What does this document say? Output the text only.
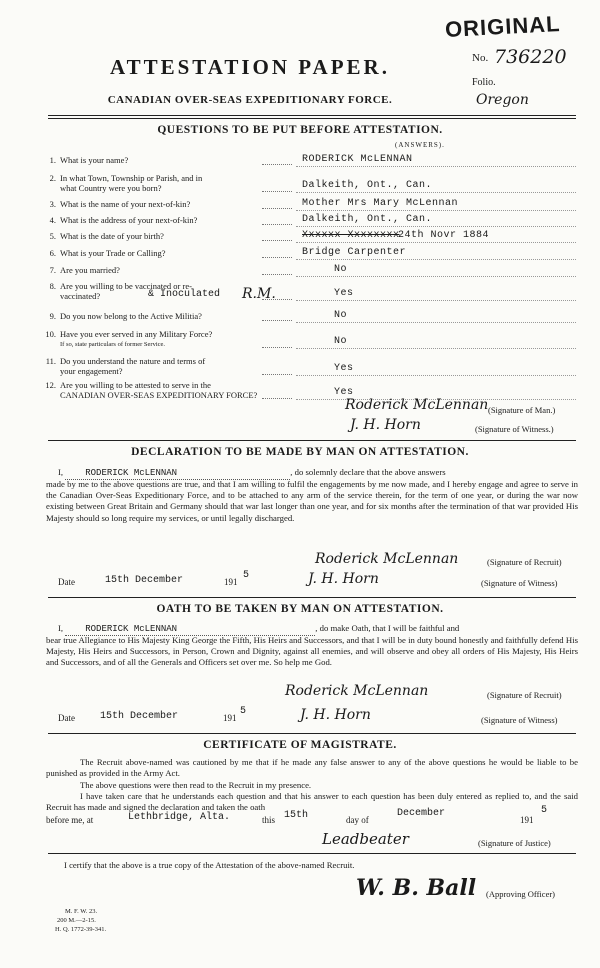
ORIGINAL
No. 736220
Folio.
Oregon
ATTESTATION PAPER.
CANADIAN OVER-SEAS EXPEDITIONARY FORCE.
QUESTIONS TO BE PUT BEFORE ATTESTATION.
(ANSWERS).
1. What is your name?	RODERICK McLENNAN
2. In what Town, Township or Parish, and in
what Country were you born?	Dalkeith, Ont., Can.
3. What is the name of your next-of-kin?	Mother Mrs Mary McLennan
4. What is the address of your next-of-kin?	Dalkeith, Ont., Can.
5. What is the date of your birth?	Xxxxxx Xxxxxxxx
24th Novr 1884
6. What is your Trade or Calling?	Bridge Carpenter
7. Are you married?	No
8. Are you willing to be vaccinated or re-
vaccinated?	& Inoculated R.M.	Yes
9. Do you now belong to the Active Militia?	No
10. Have you ever served in any Military Force?
If so, state particulars of former Service.	No
11. Do you understand the nature and terms of
your engagement?	Yes
12. Are you willing to be attested to serve in the
CANADIAN OVER-SEAS EXPEDITIONARY FORCE?	Yes
Roderick McLennan (Signature of Man.)
J. H. Horn	(Signature of Witness.)
DECLARATION TO BE MADE BY MAN ON ATTESTATION.
I, RODERICK McLENNAN	, do solemnly declare that the above answers
made by me to the above questions are true, and that I am willing to fulfil the engagements by me now made, and I hereby engage and agree to serve in the Canadian Over-Seas Expeditionary Force, and to be attached to any arm of the service therein, for the term of one year, or during the war now existing between Great Britain and Germany should that war last longer than one year, and for six months after the termination of that war provided His Majesty should so long require my services, or until legally discharged.
Roderick McLennan	(Signature of Recruit)
Date	15th December	191
5	J. H. Horn	(Signature of Witness)
OATH TO BE TAKEN BY MAN ON ATTESTATION.
I, RODERICK McLENNAN	, do make Oath, that I will be faithful and
bear true Allegiance to His Majesty King George the Fifth, His Heirs and Successors, and that I will be in duty bound honestly and faithfully defend His Majesty, His Heirs and Successors, in Person, Crown and Dignity, against all enemies, and will observe and obey all orders of His Majesty, His Heirs and Successors, and of all the Generals and Officers set over me. So help me God.
Roderick McLennan	(Signature of Recruit)
Date	15th December	191
5	J. H. Horn	(Signature of Witness)
CERTIFICATE OF MAGISTRATE.
The Recruit above-named was cautioned by me that if he made any false answer to any of the above questions he would be liable to be punished as provided in the Army Act.
The above questions were then read to the Recruit in my presence.
I have taken care that he understands each question and that his answer to each question has been duly entered as replied to, and the said Recruit has made and signed the declaration and taken the oath
before me, at	Lethbridge, Alta.	this 15th	day of
December
191
5
Leadbeater	(Signature of Justice)
I certify that the above is a true copy of the Attestation of the above-named Recruit.
W. B. Ball (Approving Officer)
M. F. W. 23.
200 M.—2-15.
H. Q. 1772-39-341.
